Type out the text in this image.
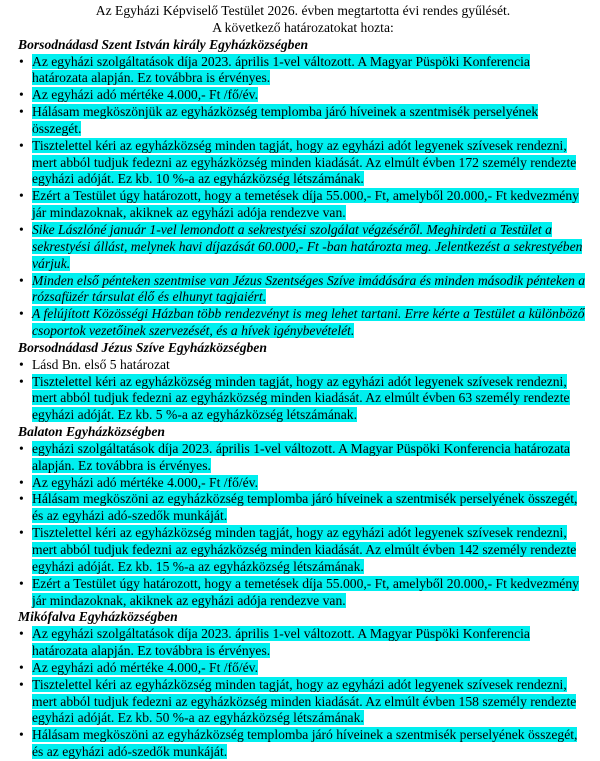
Az Egyházi Képviselő Testület 2026. évben megtartotta évi rendes gyűlését.
A következő határozatokat hozta:
Borsodnádasd Szent István király Egyházközségben
• Az egyházi szolgáltatások díja 2023. április 1-vel változott. A Magyar Püspöki Konferencia határozata alapján. Ez továbbra is érvényes.
• Az egyházi adó mértéke 4.000,- Ft /fő/év.
• Hálásam megköszönjük az egyházközség templomba járó híveinek a szentmisék perselyének összegét.
• Tisztelettel kéri az egyházközség minden tagját, hogy az egyházi adót legyenek szívesek rendezni, mert abból tudjuk fedezni az egyházközség minden kiadását. Az elmúlt évben 172 személy rendezte egyházi adóját. Ez kb. 10 %-a az egyházközség létszámának.
• Ezért a Testület úgy határozott, hogy a temetések díja 55.000,- Ft, amelyből 20.000,- Ft kedvezmény jár mindazoknak, akiknek az egyházi adója rendezve van.
• Sike Lászlóné január 1-vel lemondott a sekrestyési szolgálat végzéséről. Meghirdeti a Testület a sekrestyési állást, melynek havi díjazását 60.000,- Ft -ban határozta meg. Jelentkezést a sekrestyében várjuk.
• Minden első pénteken szentmise van Jézus Szentséges Szíve imádására és minden második pénteken a rózsafüzér társulat élő és elhunyt tagjaiért.
• A felújított Közösségi Házban több rendezvényt is meg lehet tartani. Erre kérte a Testület a különböző csoportok vezetőinek szervezését, és a hívek igénybevételét.
Borsodnádasd Jézus Szíve Egyházközségben
• Lásd Bn. első 5 határozat
• Tisztelettel kéri az egyházközség minden tagját, hogy az egyházi adót legyenek szívesek rendezni, mert abból tudjuk fedezni az egyházközség minden kiadását. Az elmúlt évben 63 személy rendezte egyházi adóját. Ez kb. 5 %-a az egyházközség létszámának.
Balaton Egyházközségben
• egyházi szolgáltatások díja 2023. április 1-vel változott. A Magyar Püspöki Konferencia határozata alapján. Ez továbbra is érvényes.
• Az egyházi adó mértéke 4.000,- Ft /fő/év.
• Hálásam megköszöni az egyházközség templomba járó híveinek a szentmisék perselyének összegét, és az egyházi adó-szedők munkáját.
• Tisztelettel kéri az egyházközség minden tagját, hogy az egyházi adót legyenek szívesek rendezni, mert abból tudjuk fedezni az egyházközség minden kiadását. Az elmúlt évben 142 személy rendezte egyházi adóját. Ez kb. 15 %-a az egyházközség létszámának.
• Ezért a Testület úgy határozott, hogy a temetések díja 55.000,- Ft, amelyből 20.000,- Ft kedvezmény jár mindazoknak, akiknek az egyházi adója rendezve van.
Mikófalva Egyházközségben
• Az egyházi szolgáltatások díja 2023. április 1-vel változott. A Magyar Püspöki Konferencia határozata alapján. Ez továbbra is érvényes.
• Az egyházi adó mértéke 4.000,- Ft /fő/év.
• Tisztelettel kéri az egyházközség minden tagját, hogy az egyházi adót legyenek szívesek rendezni, mert abból tudjuk fedezni az egyházközség minden kiadását. Az elmúlt évben 158 személy rendezte egyházi adóját. Ez kb. 50 %-a az egyházközség létszámának.
• Hálásam megköszöni az egyházközség templomba járó híveinek a szentmisék perselyének összegét, és az egyházi adó-szedők munkáját.
